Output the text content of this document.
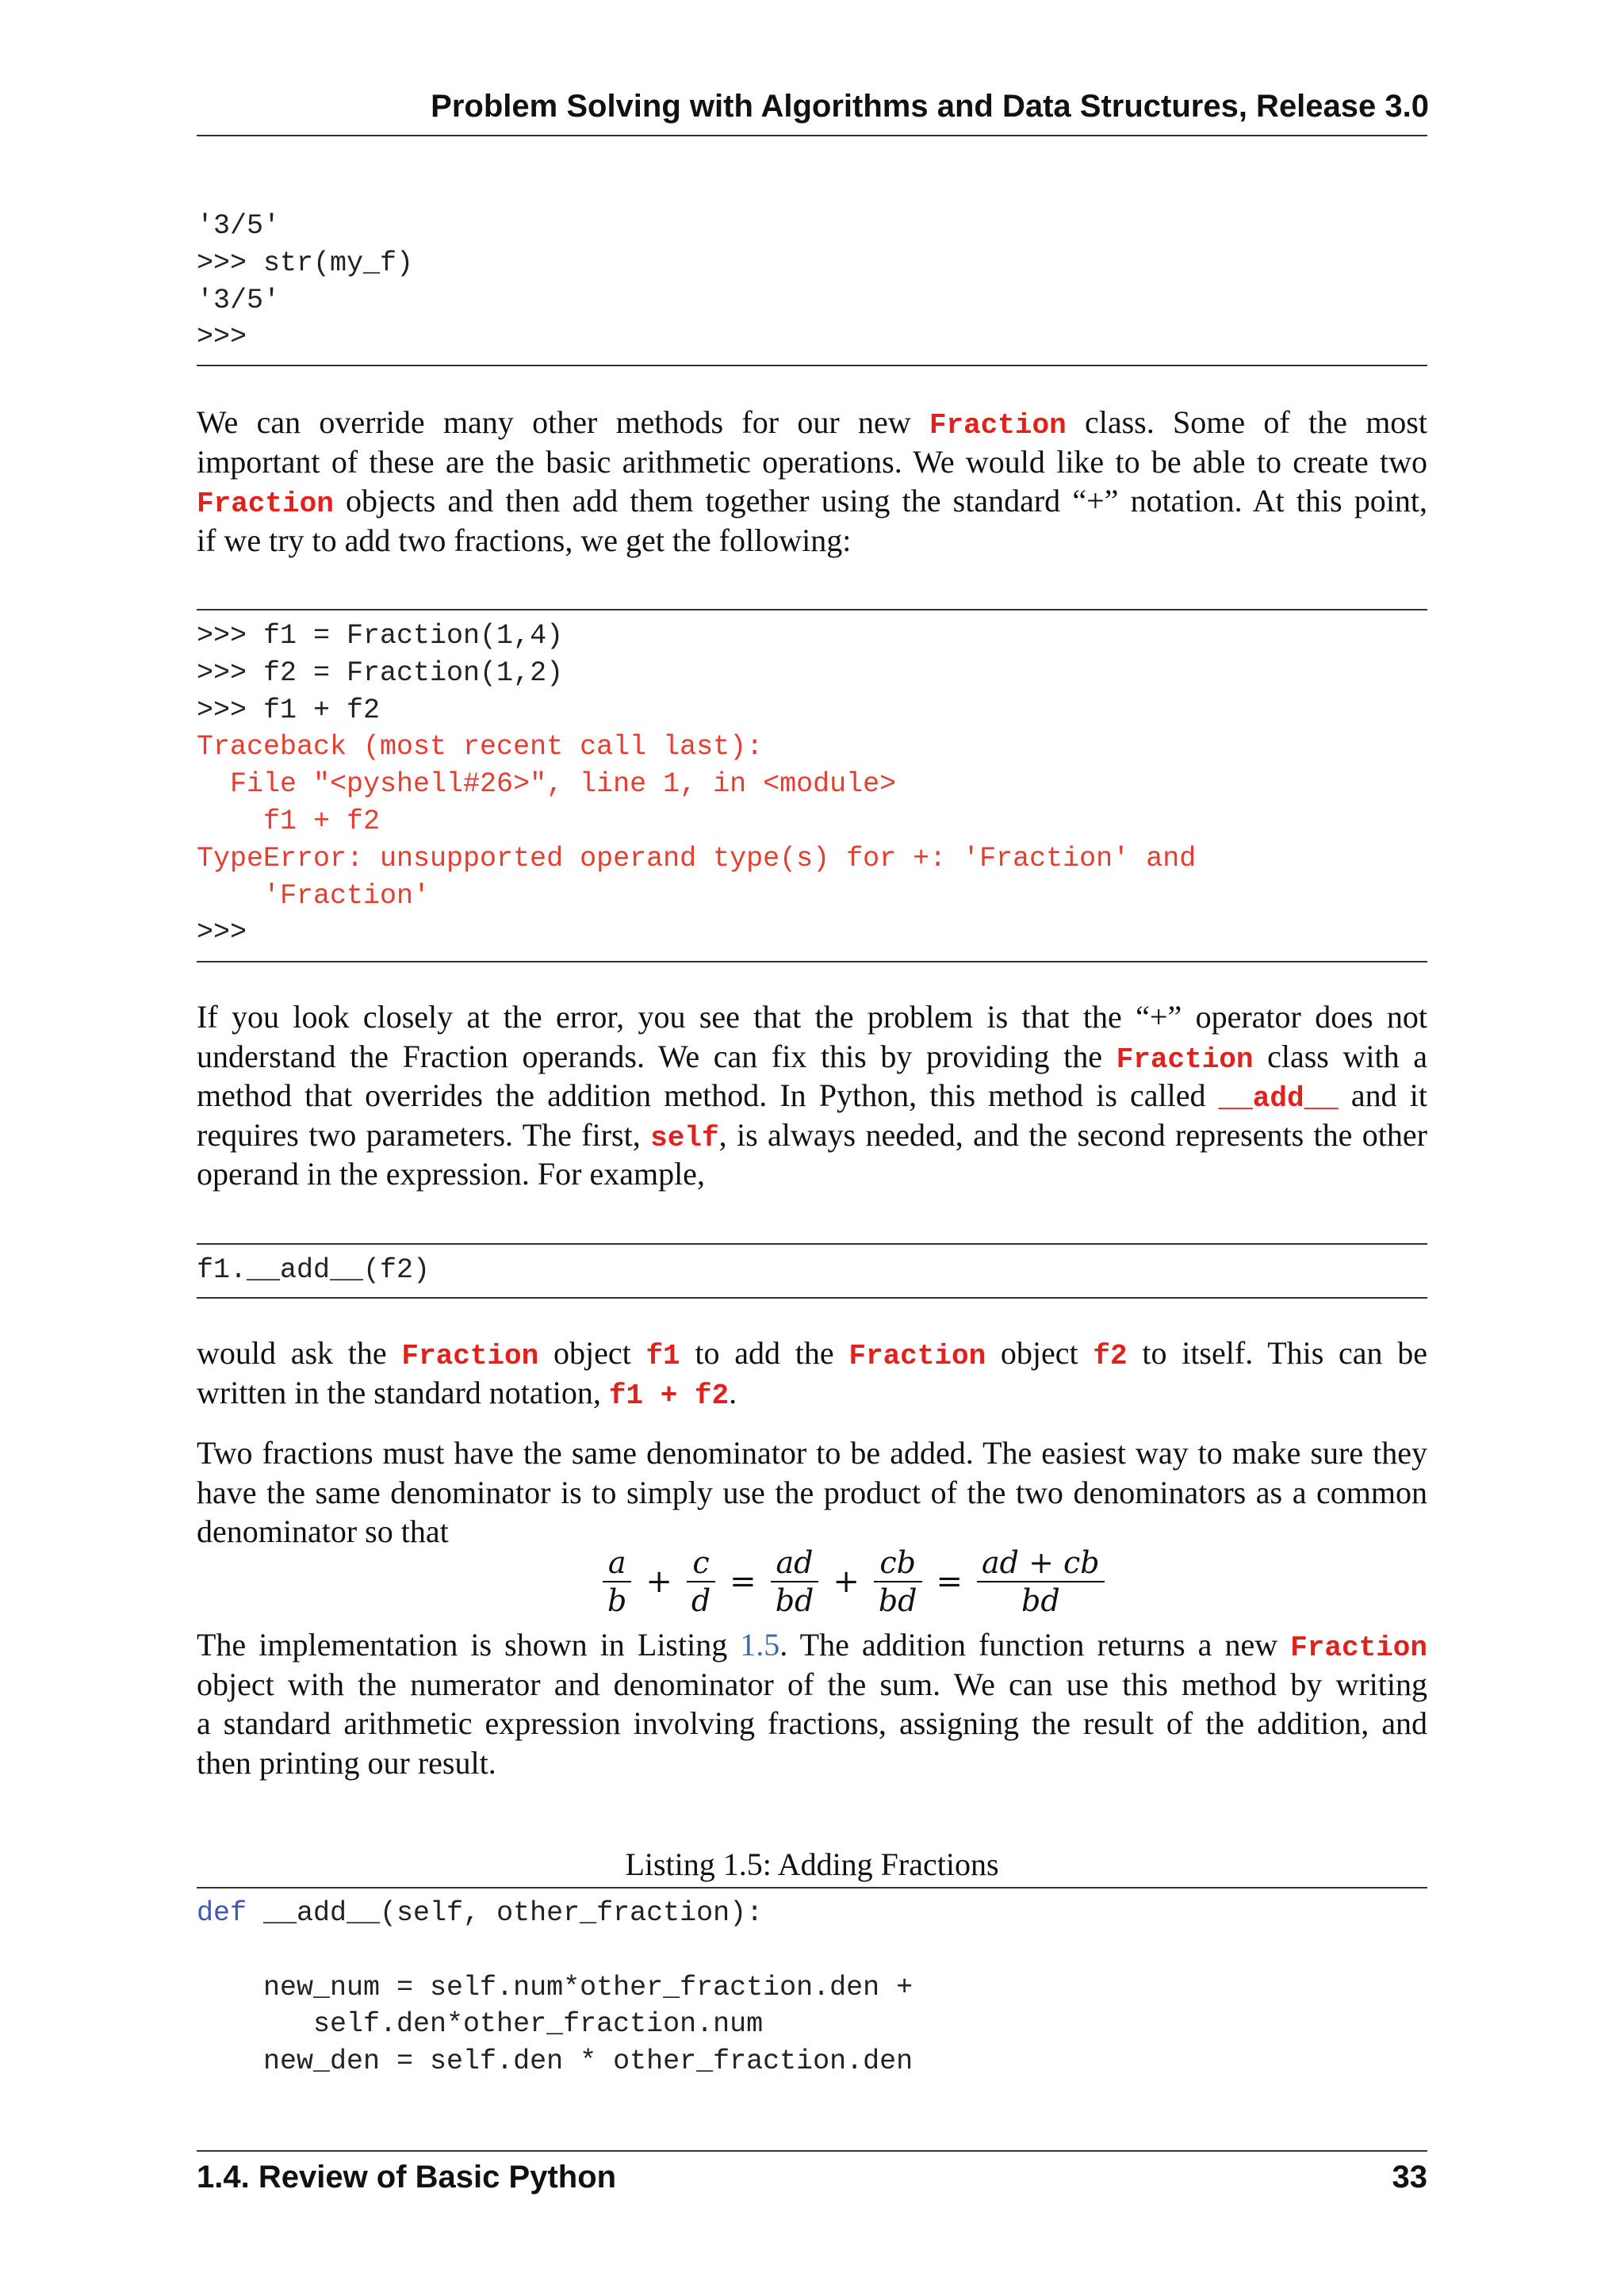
Problem Solving with Algorithms and Data Structures, Release 3.0
'3/5'
>>> str(my_f)
'3/5'
>>>
We can override many other methods for our new Fraction class. Some of the most
important of these are the basic arithmetic operations. We would like to be able to create two
Fraction objects and then add them together using the standard “+” notation. At this point,
if we try to add two fractions, we get the following:
>>> f1 = Fraction(1,4)
>>> f2 = Fraction(1,2)
>>> f1 + f2
Traceback (most recent call last):
File "<pyshell#26>", line 1, in <module>
f1 + f2
TypeError: unsupported operand type(s) for +: 'Fraction' and
'Fraction'
>>>
If you look closely at the error, you see that the problem is that the “+” operator does not
understand the Fraction operands. We can fix this by providing the Fraction class with a
method that overrides the addition method. In Python, this method is called __add__ and it
requires two parameters. The first, self, is always needed, and the second represents the other
operand in the expression. For example,
f1.__add__(f2)
would ask the Fraction object f1 to add the Fraction object f2 to itself. This can be
written in the standard notation, f1 + f2.
Two fractions must have the same denominator to be added. The easiest way to make sure they
have the same denominator is to simply use the product of the two denominators as a common
denominator so that
$\frac{a}{b} + \frac{c}{d} = \frac{ad}{bd} + \frac{cb}{bd} = \frac{ad + cb}{bd}$
The implementation is shown in Listing 1.5. The addition function returns a new Fraction
object with the numerator and denominator of the sum. We can use this method by writing
a standard arithmetic expression involving fractions, assigning the result of the addition, and
then printing our result.
Listing 1.5: Adding Fractions
def __add__(self, other_fraction):
new_num = self.num*other_fraction.den +
self.den*other_fraction.num
new_den = self.den * other_fraction.den
1.4. Review of Basic Python	33
